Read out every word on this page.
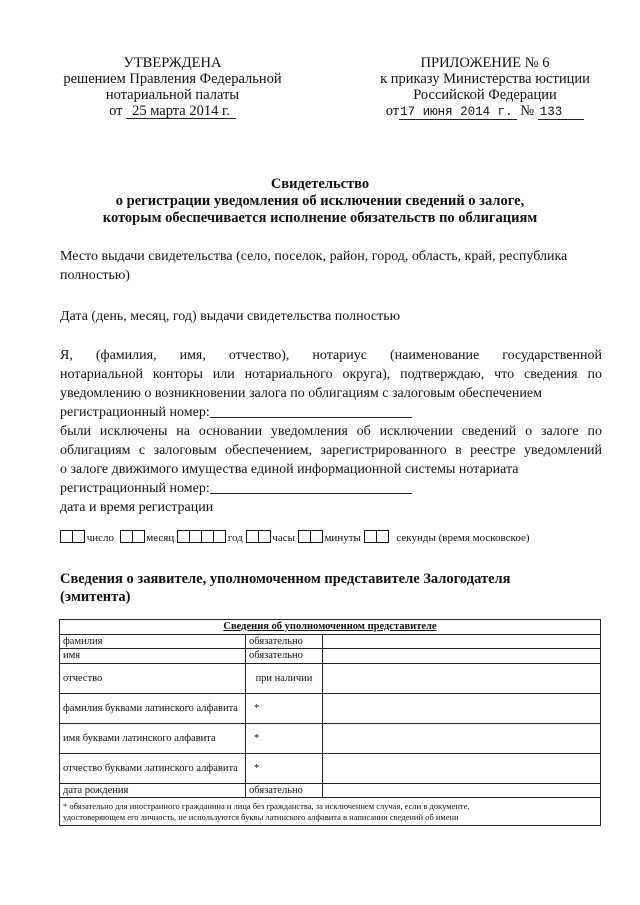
УТВЕРЖДЕНА
решением Правления Федеральной
нотариальной палаты
от 25 марта 2014 г.
ПРИЛОЖЕНИЕ № 6
к приказу Министерства юстиции
Российской Федерации
от17 июня 2014 г. № 133
Свидетельство
о регистрации уведомления об исключении сведений о залоге,
которым обеспечивается исполнение обязательств по облигациям
Место выдачи свидетельства (село, поселок, район, город, область, край, республика
полностью)
Дата (день, месяц, год) выдачи свидетельства полностью
Я, (фамилия, имя, отчество), нотариус (наименование государственной
нотариальной конторы или нотариального округа), подтверждаю, что сведения по
уведомлению о возникновении залога по облигациям с залоговым обеспечением
регистрационный номер:
были исключены на основании уведомления об исключении сведений о залоге по
облигациям с залоговым обеспечением, зарегистрированного в реестре уведомлений
о залоге движимого имущества единой информационной системы нотариата
регистрационный номер:
дата и время регистрации
число	месяц	год	часы	минуты	секунды (время московское)
Сведения о заявителе, уполномоченном представителе Залогодателя
(эмитента)
Сведения об уполномоченном представителе		
фамилия	обязательно	
имя	обязательно	
отчество	при наличии	
фамилия буквами латинского алфавита	*	
имя буквами латинского алфавита	*	
отчество буквами латинского алфавита	*	
дата рождения	обязательно	

* обязательно для иностранного гражданина и лица без гражданства, за исключением случая, если в документе,
удостоверяющем его личность, не используются буквы латинского алфавита в написании сведений об имени		
